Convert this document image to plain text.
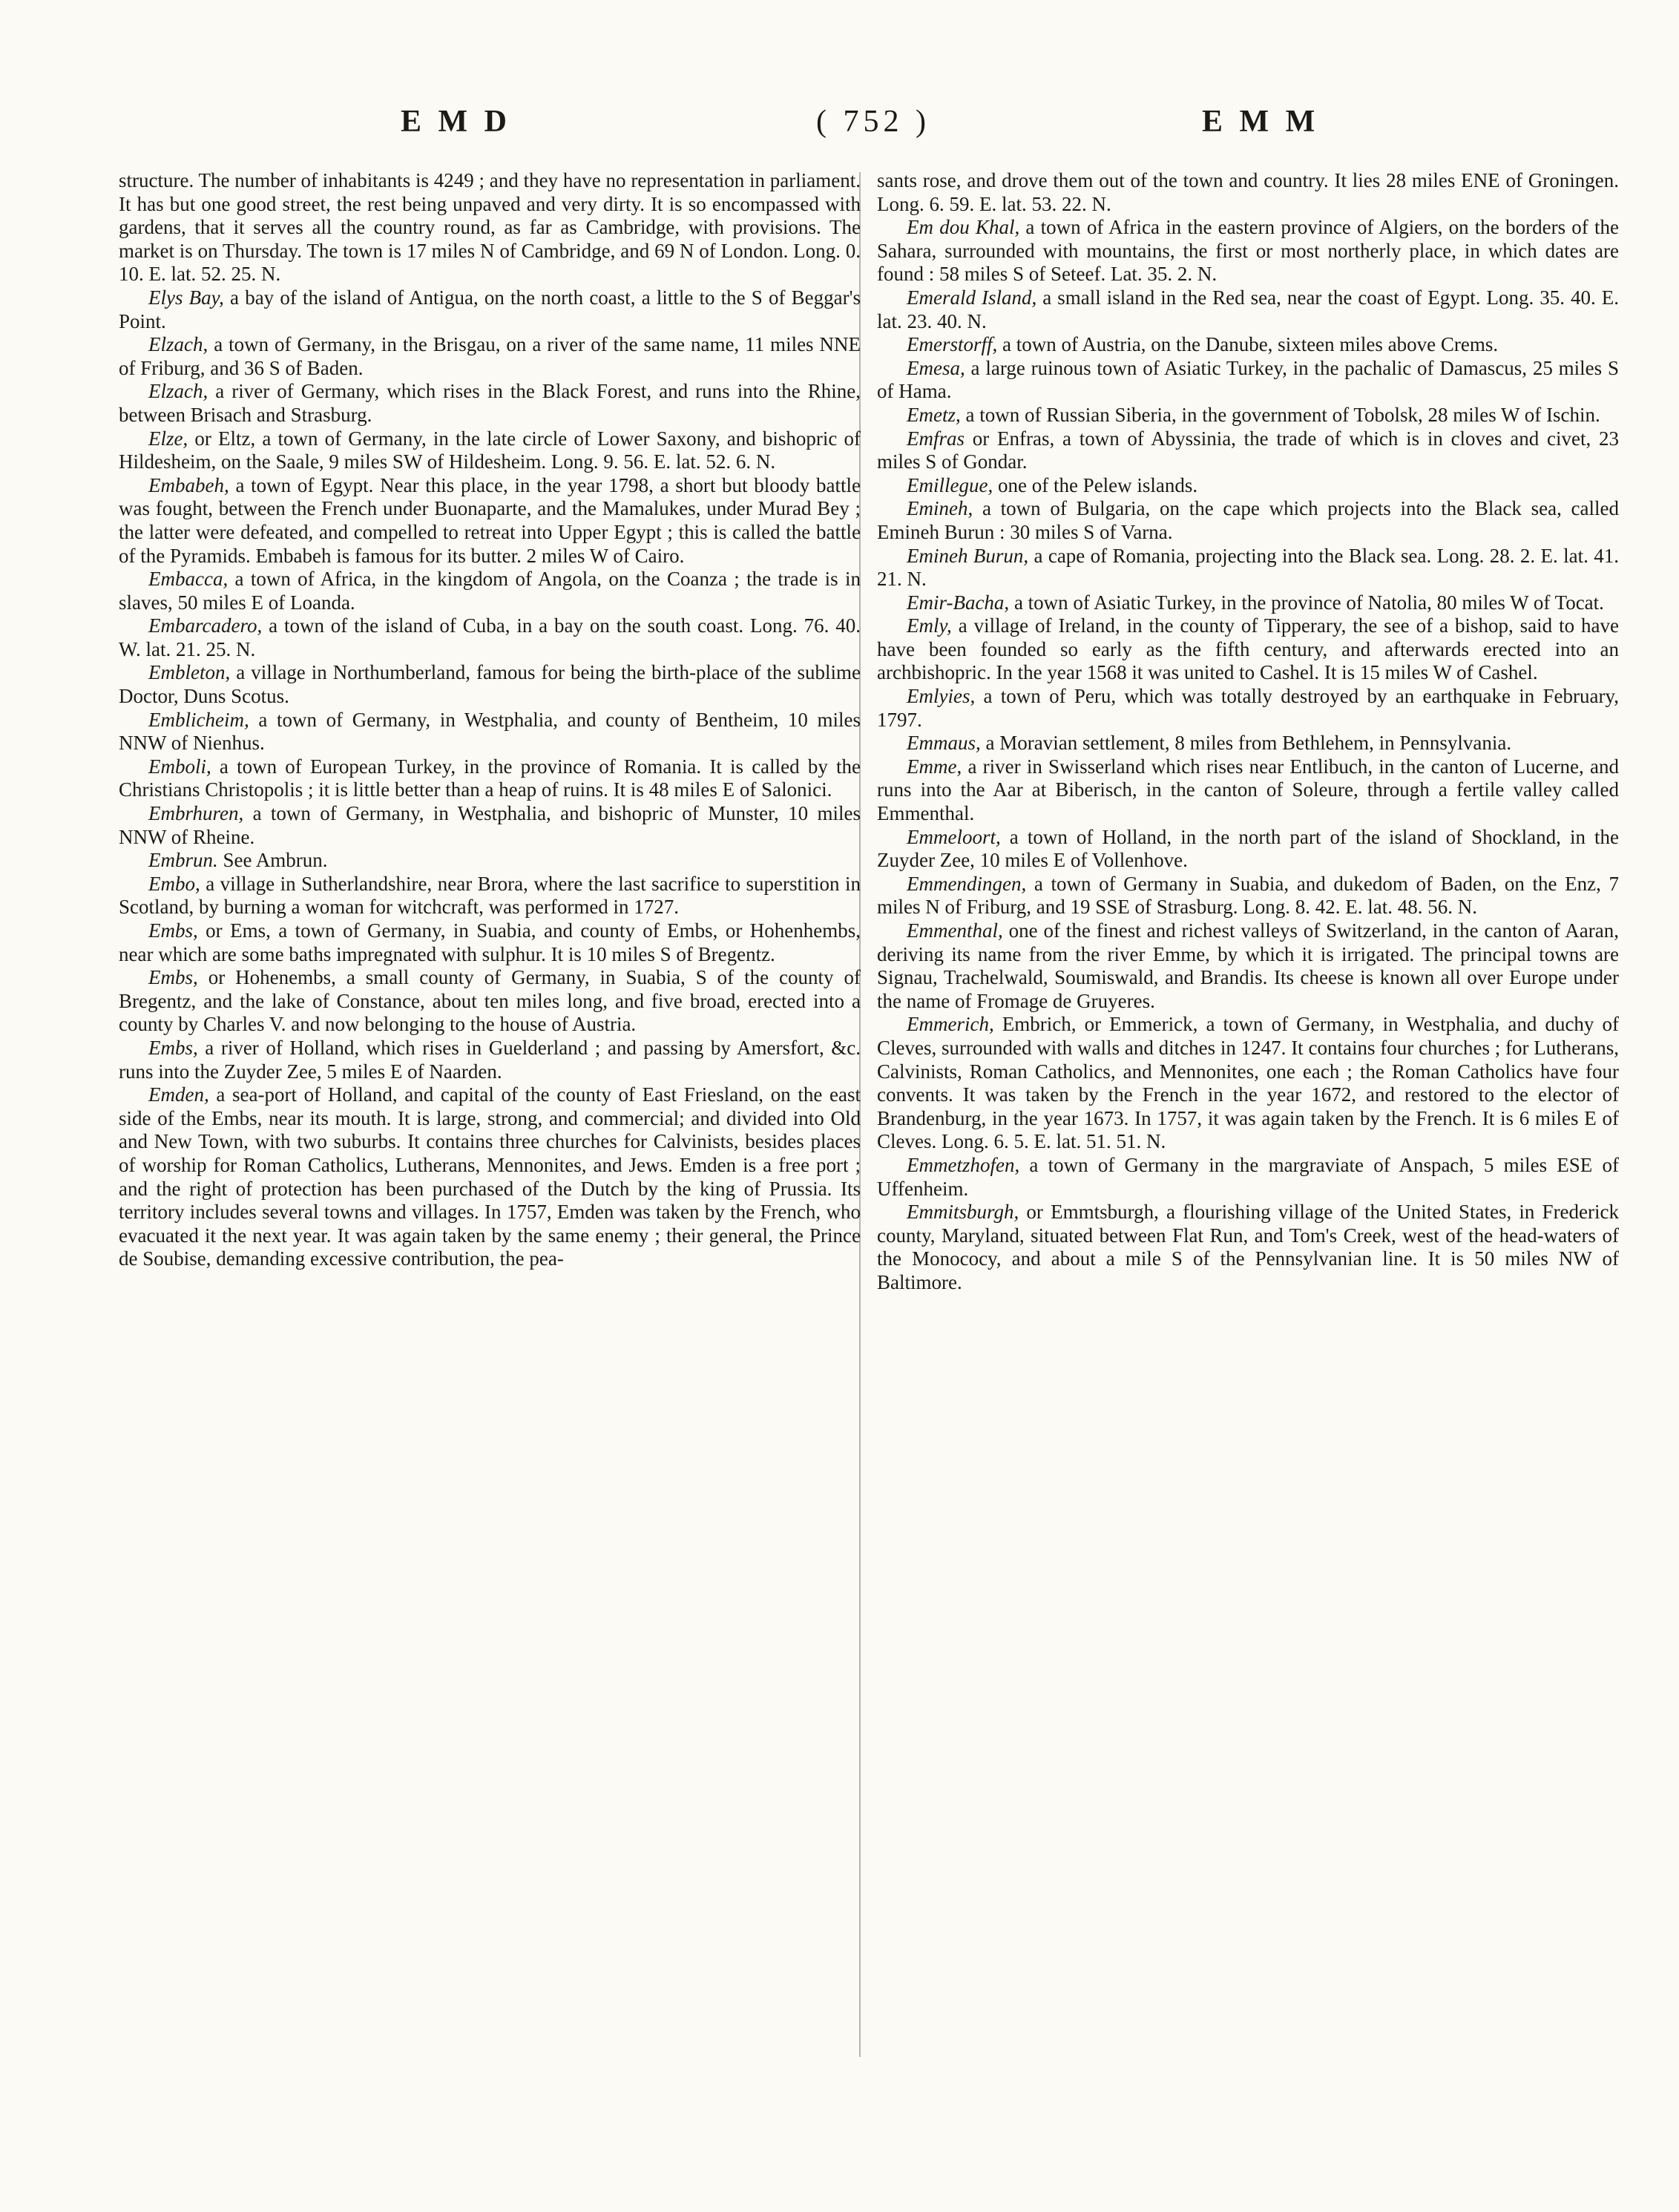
E M D	( 752 )	E M M

structure. The number of inhabitants is 4249 ; and they have no representation in parliament. It has but one good street, the rest being unpaved and very dirty. It is so encompassed with gardens, that it serves all the country round, as far as Cambridge, with provisions. The market is on Thursday. The town is 17 miles N of Cambridge, and 69 N of London. Long. 0. 10. E. lat. 52. 25. N.

Elys Bay, a bay of the island of Antigua, on the north coast, a little to the S of Beggar's Point.

Elzach, a town of Germany, in the Brisgau, on a river of the same name, 11 miles NNE of Friburg, and 36 S of Baden.

Elzach, a river of Germany, which rises in the Black Forest, and runs into the Rhine, between Brisach and Strasburg.

Elze, or Eltz, a town of Germany, in the late circle of Lower Saxony, and bishopric of Hildesheim, on the Saale, 9 miles SW of Hildesheim. Long. 9. 56. E. lat. 52. 6. N.

Embabeh, a town of Egypt. Near this place, in the year 1798, a short but bloody battle was fought, between the French under Buonaparte, and the Mamalukes, under Murad Bey ; the latter were defeated, and compelled to retreat into Upper Egypt ; this is called the battle of the Pyramids. Embabeh is famous for its butter. 2 miles W of Cairo.

Embacca, a town of Africa, in the kingdom of Angola, on the Coanza ; the trade is in slaves, 50 miles E of Loanda.

Embarcadero, a town of the island of Cuba, in a bay on the south coast. Long. 76. 40. W. lat. 21. 25. N.

Embleton, a village in Northumberland, famous for being the birth-place of the sublime Doctor, Duns Scotus.

Emblicheim, a town of Germany, in Westphalia, and county of Bentheim, 10 miles NNW of Nienhus.

Emboli, a town of European Turkey, in the province of Romania. It is called by the Christians Christopolis ; it is little better than a heap of ruins. It is 48 miles E of Salonici.

Embrhuren, a town of Germany, in Westphalia, and bishopric of Munster, 10 miles NNW of Rheine.

Embrun. See Ambrun.

Embo, a village in Sutherlandshire, near Brora, where the last sacrifice to superstition in Scotland, by burning a woman for witchcraft, was performed in 1727.

Embs, or Ems, a town of Germany, in Suabia, and county of Embs, or Hohenhembs, near which are some baths impregnated with sulphur. It is 10 miles S of Bregentz.

Embs, or Hohenembs, a small county of Germany, in Suabia, S of the county of Bregentz, and the lake of Constance, about ten miles long, and five broad, erected into a county by Charles V. and now belonging to the house of Austria.

Embs, a river of Holland, which rises in Guelderland ; and passing by Amersfort, &c. runs into the Zuyder Zee, 5 miles E of Naarden.

Emden, a sea-port of Holland, and capital of the county of East Friesland, on the east side of the Embs, near its mouth. It is large, strong, and commercial; and divided into Old and New Town, with two suburbs. It contains three churches for Calvinists, besides places of worship for Roman Catholics, Lutherans, Mennonites, and Jews. Emden is a free port ; and the right of protection has been purchased of the Dutch by the king of Prussia. Its territory includes several towns and villages. In 1757, Emden was taken by the French, who evacuated it the next year. It was again taken by the same enemy ; their general, the Prince de Soubise, demanding excessive contribution, the pea-

sants rose, and drove them out of the town and country. It lies 28 miles ENE of Groningen. Long. 6. 59. E. lat. 53. 22. N.

Em dou Khal, a town of Africa in the eastern province of Algiers, on the borders of the Sahara, surrounded with mountains, the first or most northerly place, in which dates are found : 58 miles S of Seteef. Lat. 35. 2. N.

Emerald Island, a small island in the Red sea, near the coast of Egypt. Long. 35. 40. E. lat. 23. 40. N.

Emerstorff, a town of Austria, on the Danube, sixteen miles above Crems.

Emesa, a large ruinous town of Asiatic Turkey, in the pachalic of Damascus, 25 miles S of Hama.

Emetz, a town of Russian Siberia, in the government of Tobolsk, 28 miles W of Ischin.

Emfras or Enfras, a town of Abyssinia, the trade of which is in cloves and civet, 23 miles S of Gondar.

Emillegue, one of the Pelew islands.

Emineh, a town of Bulgaria, on the cape which projects into the Black sea, called Emineh Burun : 30 miles S of Varna.

Emineh Burun, a cape of Romania, projecting into the Black sea. Long. 28. 2. E. lat. 41. 21. N.

Emir-Bacha, a town of Asiatic Turkey, in the province of Natolia, 80 miles W of Tocat.

Emly, a village of Ireland, in the county of Tipperary, the see of a bishop, said to have have been founded so early as the fifth century, and afterwards erected into an archbishopric. In the year 1568 it was united to Cashel. It is 15 miles W of Cashel.

Emlyies, a town of Peru, which was totally destroyed by an earthquake in February, 1797.

Emmaus, a Moravian settlement, 8 miles from Bethlehem, in Pennsylvania.

Emme, a river in Swisserland which rises near Entlibuch, in the canton of Lucerne, and runs into the Aar at Biberisch, in the canton of Soleure, through a fertile valley called Emmenthal.

Emmeloort, a town of Holland, in the north part of the island of Shockland, in the Zuyder Zee, 10 miles E of Vollenhove.

Emmendingen, a town of Germany in Suabia, and dukedom of Baden, on the Enz, 7 miles N of Friburg, and 19 SSE of Strasburg. Long. 8. 42. E. lat. 48. 56. N.

Emmenthal, one of the finest and richest valleys of Switzerland, in the canton of Aaran, deriving its name from the river Emme, by which it is irrigated. The principal towns are Signau, Trachelwald, Soumiswald, and Brandis. Its cheese is known all over Europe under the name of Fromage de Gruyeres.

Emmerich, Embrich, or Emmerick, a town of Germany, in Westphalia, and duchy of Cleves, surrounded with walls and ditches in 1247. It contains four churches ; for Lutherans, Calvinists, Roman Catholics, and Mennonites, one each ; the Roman Catholics have four convents. It was taken by the French in the year 1672, and restored to the elector of Brandenburg, in the year 1673. In 1757, it was again taken by the French. It is 6 miles E of Cleves. Long. 6. 5. E. lat. 51. 51. N.

Emmetzhofen, a town of Germany in the margraviate of Anspach, 5 miles ESE of Uffenheim.

Emmitsburgh, or Emmtsburgh, a flourishing village of the United States, in Frederick county, Maryland, situated between Flat Run, and Tom's Creek, west of the head-waters of the Monococy, and about a mile S of the Pennsylvanian line. It is 50 miles NW of Baltimore.
